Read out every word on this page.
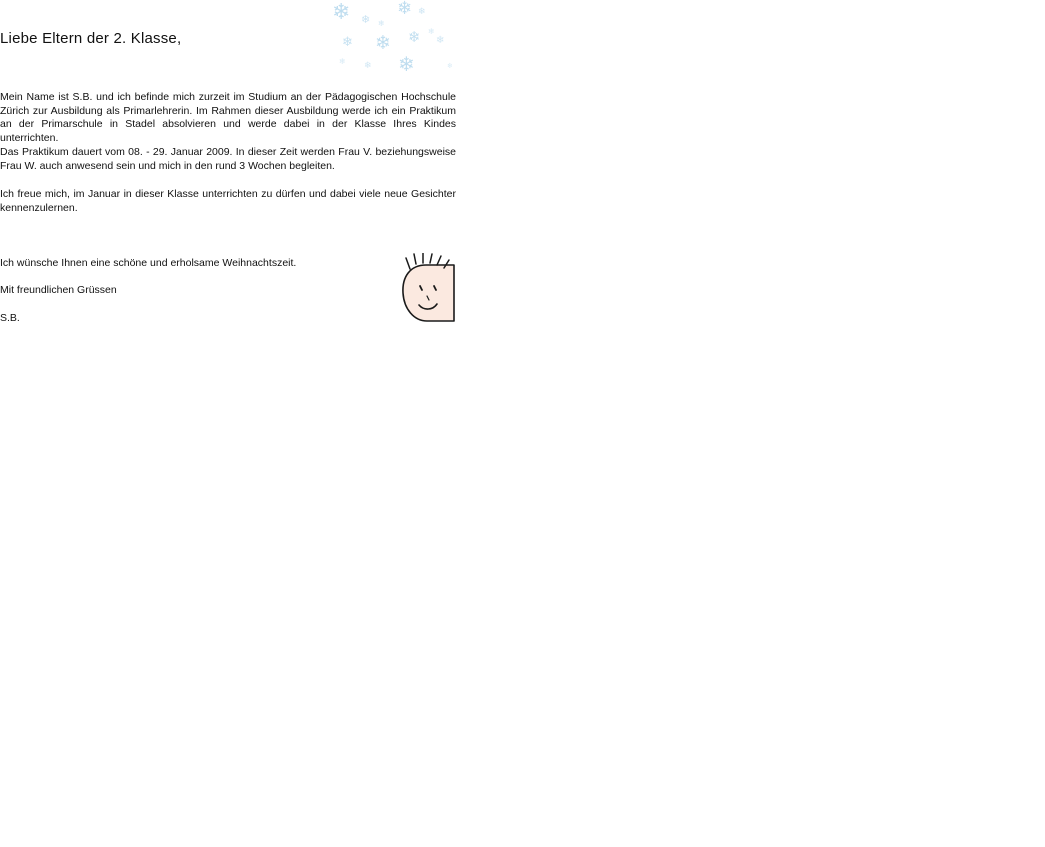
❄ ❄ ❄
❄ ❄
❄
❄ ❄ ❄ ❄
❄	❄
❄	❄
Liebe Eltern der 2. Klasse,
Mein Name ist S.B. und ich befinde mich zurzeit im Studium an der Pädagogischen Hochschule Zürich zur Ausbildung als Primarlehrerin. Im Rahmen dieser Ausbildung werde ich ein Praktikum an der Primarschule in Stadel absolvieren und werde dabei in der Klasse Ihres Kindes unterrichten.
Das Praktikum dauert vom 08. - 29. Januar 2009. In dieser Zeit werden Frau V. beziehungsweise Frau W. auch anwesend sein und mich in den rund 3 Wochen begleiten.
Ich freue mich, im Januar in dieser Klasse unterrichten zu dürfen und dabei viele neue Gesichter kennenzulernen.
Ich wünsche Ihnen eine schöne und erholsame Weihnachtszeit.
Mit freundlichen Grüssen
S.B.
